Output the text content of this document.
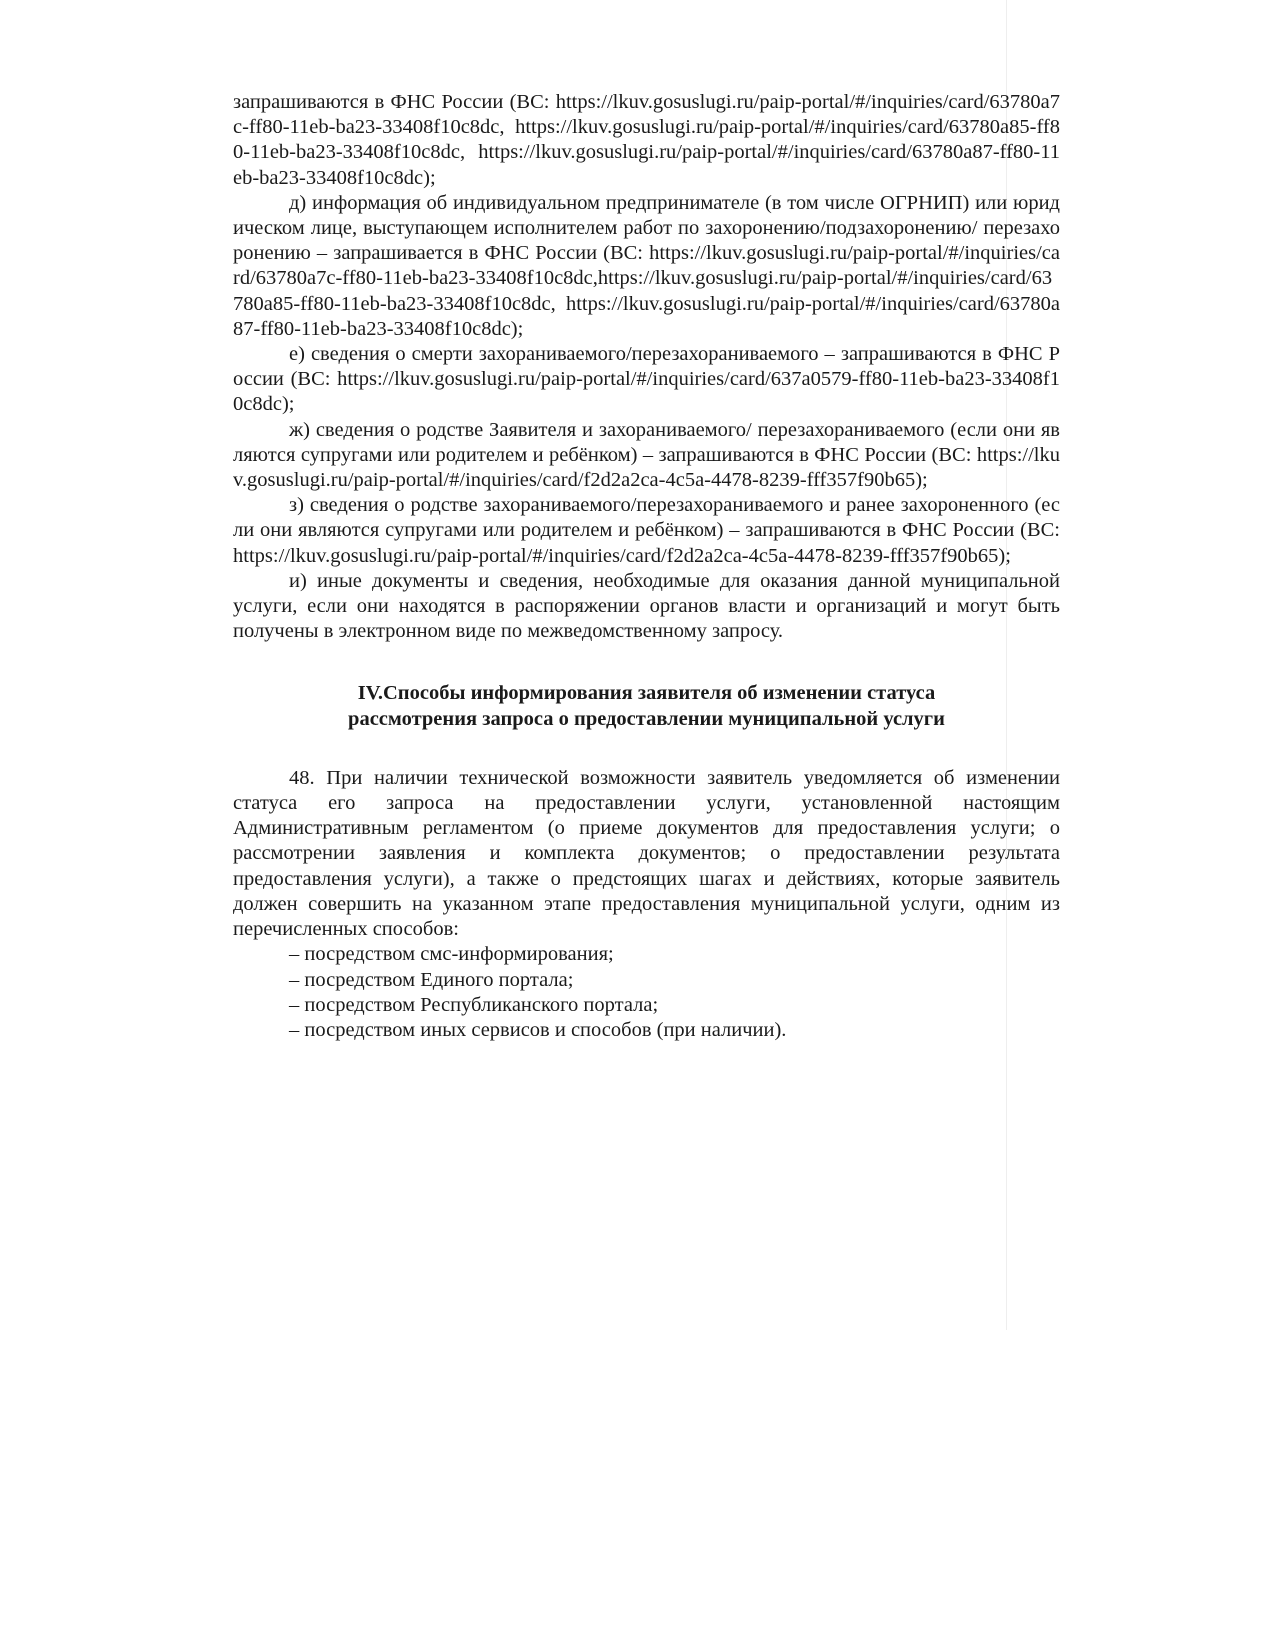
запрашиваются в ФНС России (ВС: https://lkuv.gosuslugi.ru/paip-portal/#/inquiries/card/63780a7c-ff80-11eb-ba23-33408f10c8dc, https://lkuv.gosuslugi.ru/paip-portal/#/inquiries/card/63780a85-ff80-11eb-ba23-33408f10c8dc, https://lkuv.gosuslugi.ru/paip-portal/#/inquiries/card/63780a87-ff80-11eb-ba23-33408f10c8dc);

д) информация об индивидуальном предпринимателе (в том числе ОГРНИП) или юридическом лице, выступающем исполнителем работ по захоронению/подзахоронению/ перезахоронению – запрашивается в ФНС России (ВС: https://lkuv.gosuslugi.ru/paip-portal/#/inquiries/card/63780a7c-ff80-11eb-ba23-33408f10c8dc,https://lkuv.gosuslugi.ru/paip-portal/#/inquiries/card/63780a85-ff80-11eb-ba23-33408f10c8dc, https://lkuv.gosuslugi.ru/paip-portal/#/inquiries/card/63780a87-ff80-11eb-ba23-33408f10c8dc);

е) сведения о смерти захораниваемого/перезахораниваемого – запрашиваются в ФНС России (ВС: https://lkuv.gosuslugi.ru/paip-portal/#/inquiries/card/637a0579-ff80-11eb-ba23-33408f10c8dc);

ж) сведения о родстве Заявителя и захораниваемого/ перезахораниваемого (если они являются супругами или родителем и ребёнком) – запрашиваются в ФНС России (ВС: https://lkuv.gosuslugi.ru/paip-portal/#/inquiries/card/f2d2a2ca-4c5a-4478-8239-fff357f90b65);

з) сведения о родстве захораниваемого/перезахораниваемого и ранее захороненного (если они являются супругами или родителем и ребёнком) – запрашиваются в ФНС России (ВС: https://lkuv.gosuslugi.ru/paip-portal/#/inquiries/card/f2d2a2ca-4c5a-4478-8239-fff357f90b65);

и) иные документы и сведения, необходимые для оказания данной муниципальной услуги, если они находятся в распоряжении органов власти и организаций и могут быть получены в электронном виде по межведомственному запросу.

IV.Способы информирования заявителя об изменении статуса
рассмотрения запроса о предоставлении муниципальной услуги

48. При наличии технической возможности заявитель уведомляется об изменении статуса его запроса на предоставлении услуги, установленной настоящим Административным регламентом (о приеме документов для предоставления услуги; о рассмотрении заявления и комплекта документов; о предоставлении результата предоставления услуги), а также о предстоящих шагах и действиях, которые заявитель должен совершить на указанном этапе предоставления муниципальной услуги, одним из перечисленных способов:

– посредством смс-информирования;
– посредством Единого портала;
– посредством Республиканского портала;
– посредством иных сервисов и способов (при наличии).
